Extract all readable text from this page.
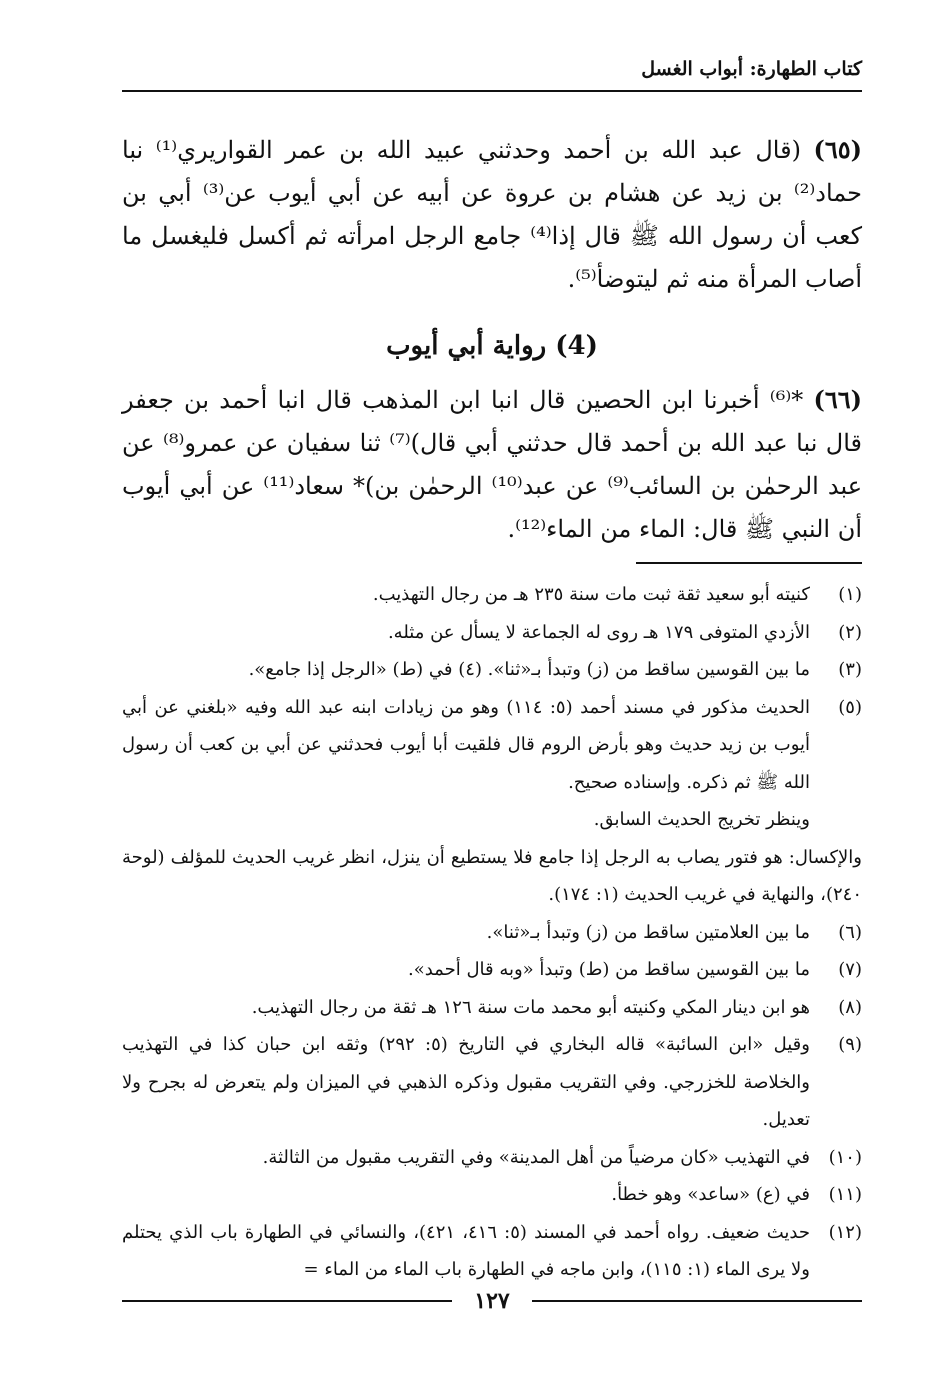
كتاب الطهارة: أبواب الغسل

(٦٥) (قال عبد الله بن أحمد وحدثني عبيد الله بن عمر القواريري⁽¹⁾ نبا حماد⁽²⁾ بن زيد عن هشام بن عروة عن أبيه عن أبي أيوب عن⁽³⁾ أبي بن كعب أن رسول الله ﷺ قال إذا⁽⁴⁾ جامع الرجل امرأته ثم أكسل فليغسل ما أصاب المرأة منه ثم ليتوضأ⁽⁵⁾.

(4) رواية أبي أيوب

(٦٦) *⁽⁶⁾ أخبرنا ابن الحصين قال انبا ابن المذهب قال انبا أحمد بن جعفر قال نبا عبد الله بن أحمد قال حدثني أبي قال)⁽⁷⁾ ثنا سفيان عن عمرو⁽⁸⁾ عن عبد الرحمٰن بن السائب⁽⁹⁾ عن عبد⁽¹⁰⁾ الرحمٰن بن)* سعاد⁽¹¹⁾ عن أبي أيوب أن النبي ﷺ قال: الماء من الماء⁽¹²⁾.

(١)
كنيته أبو سعيد ثقة ثبت مات سنة ٢٣٥ هـ من رجال التهذيب.
(٢)
الأزدي المتوفى ١٧٩ هـ روى له الجماعة لا يسأل عن مثله.
(٣)
ما بين القوسين ساقط من (ز) وتبدأ بـ«ثنا». (٤) في (ط) «الرجل إذا جامع».
(٥)
الحديث مذكور في مسند أحمد (٥: ١١٤) وهو من زيادات ابنه عبد الله وفيه «بلغني عن أبي أيوب بن زيد حديث وهو بأرض الروم قال فلقيت أبا أيوب فحدثني عن أبي بن كعب أن رسول الله ﷺ ثم ذكره. وإسناده صحيح.
وينظر تخريج الحديث السابق.
والإكسال: هو فتور يصاب به الرجل إذا جامع فلا يستطيع أن ينزل، انظر غريب الحديث للمؤلف (لوحة ٢٤٠)، والنهاية في غريب الحديث (١: ١٧٤).
(٦)
ما بين العلامتين ساقط من (ز) وتبدأ بـ«ثنا».
(٧)
ما بين القوسين ساقط من (ط) وتبدأ «وبه قال أحمد».
(٨)
هو ابن دينار المكي وكنيته أبو محمد مات سنة ١٢٦ هـ ثقة من رجال التهذيب.
(٩)
وقيل «ابن السائبة» قاله البخاري في التاريخ (٥: ٢٩٢) وثقه ابن حبان كذا في التهذيب والخلاصة للخزرجي. وفي التقريب مقبول وذكره الذهبي في الميزان ولم يتعرض له بجرح ولا تعديل.
(١٠)
في التهذيب «كان مرضياً من أهل المدينة» وفي التقريب مقبول من الثالثة.
(١١)
في (ع) «ساعد» وهو خطأ.
(١٢)
حديث ضعيف. رواه أحمد في المسند (٥: ٤١٦، ٤٢١)، والنسائي في الطهارة باب الذي يحتلم ولا يرى الماء (١: ١١٥)، وابن ماجه في الطهارة باب الماء من الماء =
١٢٧
